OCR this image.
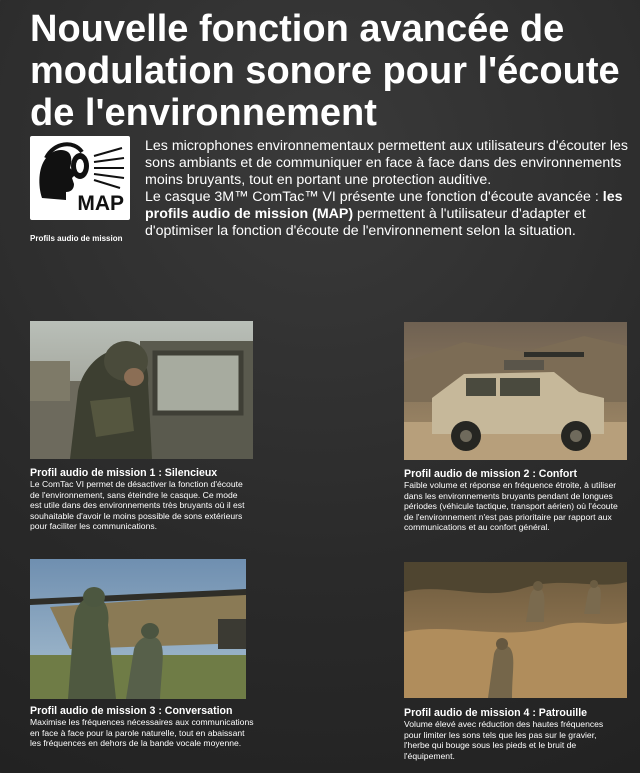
Nouvelle fonction avancée de
modulation sonore pour l'écoute
de l'environnement
MAP
Profils audio de mission

Les microphones environnementaux permettent aux utilisateurs d'écouter les sons ambiants et de communiquer en face à face dans des environnements moins bruyants, tout en portant une protection auditive.

Le casque 3M™ ComTac™ VI présente une fonction d'écoute avancée : les profils audio de mission (MAP) permettent à l'utilisateur d'adapter et d'optimiser la fonction d'écoute de l'environnement selon la situation.

Profil audio de mission 1 : Silencieux
Le ComTac VI permet de désactiver la fonction d'écoute de l'environnement, sans éteindre le casque. Ce mode est utile dans des environnements très bruyants où il est souhaitable d'avoir le moins possible de sons extérieurs pour faciliter les communications.
Profil audio de mission 2 : Confort
Faible volume et réponse en fréquence étroite, à utiliser dans les environnements bruyants pendant de longues périodes (véhicule tactique, transport aérien) où l'écoute de l'environnement n'est pas prioritaire par rapport aux communications et au confort général.
Profil audio de mission 3 : Conversation
Maximise les fréquences nécessaires aux communications en face à face pour la parole naturelle, tout en abaissant les fréquences en dehors de la bande vocale moyenne.
Profil audio de mission 4 : Patrouille
Volume élevé avec réduction des hautes fréquences pour limiter les sons tels que les pas sur le gravier, l'herbe qui bouge sous les pieds et le bruit de l'équipement.
